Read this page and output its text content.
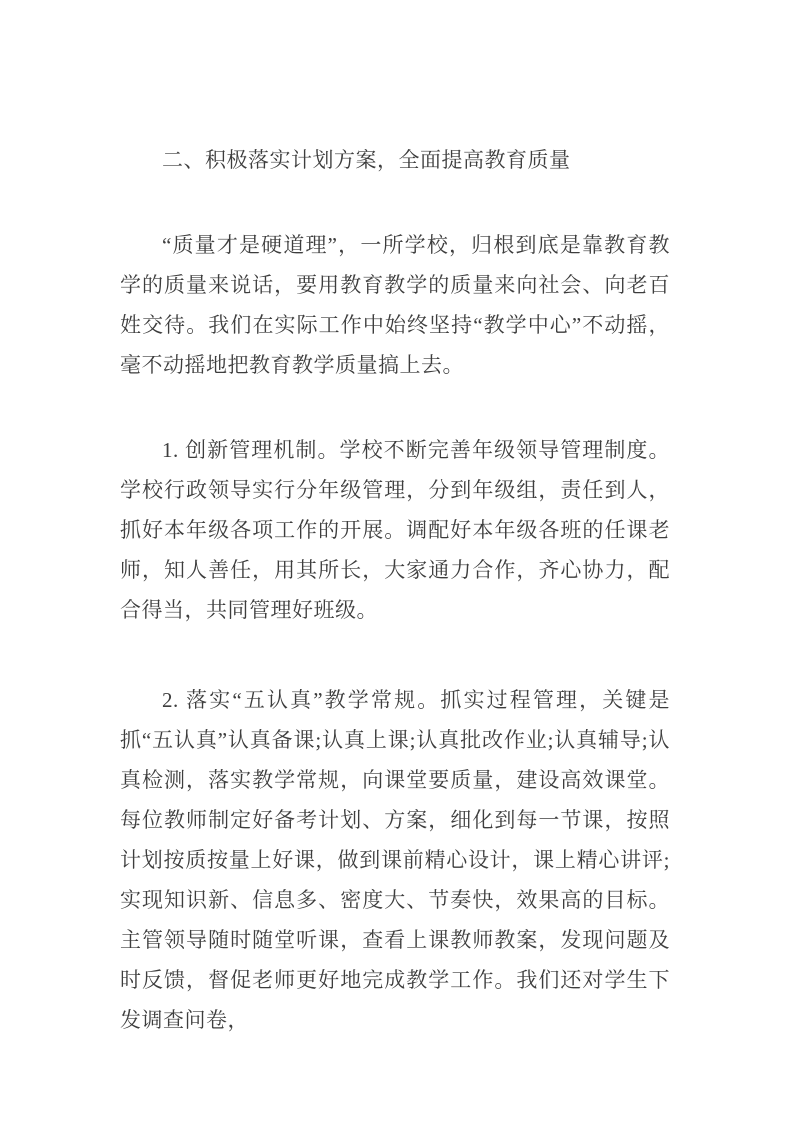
二、积极落实计划方案，全面提高教育质量

“质量才是硬道理”，一所学校，归根到底是靠教育教学的质量来说话，要用教育教学的质量来向社会、向老百姓交待。我们在实际工作中始终坚持“教学中心”不动摇，毫不动摇地把教育教学质量搞上去。

1. 创新管理机制。学校不断完善年级领导管理制度。学校行政领导实行分年级管理，分到年级组，责任到人，抓好本年级各项工作的开展。调配好本年级各班的任课老师，知人善任，用其所长，大家通力合作，齐心协力，配合得当，共同管理好班级。

2. 落实“五认真”教学常规。抓实过程管理，关键是抓“五认真”认真备课;认真上课;认真批改作业;认真辅导;认真检测，落实教学常规，向课堂要质量，建设高效课堂。每位教师制定好备考计划、方案，细化到每一节课，按照计划按质按量上好课，做到课前精心设计，课上精心讲评;实现知识新、信息多、密度大、节奏快，效果高的目标。主管领导随时随堂听课，查看上课教师教案，发现问题及时反馈，督促老师更好地完成教学工作。我们还对学生下发调查问卷，
